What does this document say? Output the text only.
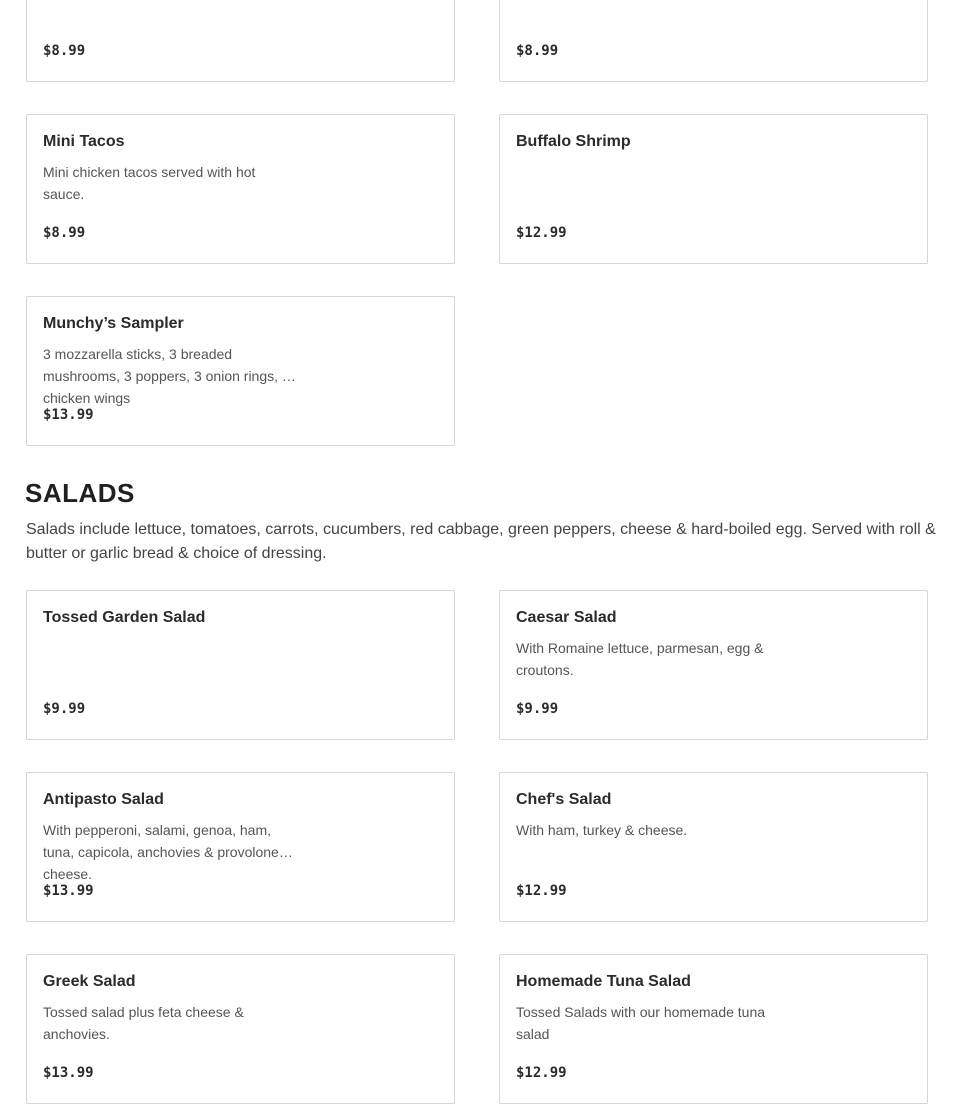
$8.99	$8.99
Mini Tacos
Mini chicken tacos served with hot sauce.
$8.99
Buffalo Shrimp
$12.99
Munchy’s Sampler
3 mozzarella sticks, 3 breaded mushrooms, 3 poppers, 3 onion rings, 3 chicken wings
$13.99
SALADS

Salads include lettuce, tomatoes, carrots, cucumbers, red cabbage, green peppers, cheese & hard-boiled egg. Served with roll & butter or garlic bread & choice of dressing.

Tossed Garden Salad
$9.99
Caesar Salad
With Romaine lettuce, parmesan, egg & croutons.
$9.99
Antipasto Salad
With pepperoni, salami, genoa, ham, tuna, capicola, anchovies & provolone cheese.
$13.99
Chef's Salad
With ham, turkey & cheese.
$12.99
Greek Salad
Tossed salad plus feta cheese & anchovies.
$13.99
Homemade Tuna Salad
Tossed Salads with our homemade tuna salad
$12.99
